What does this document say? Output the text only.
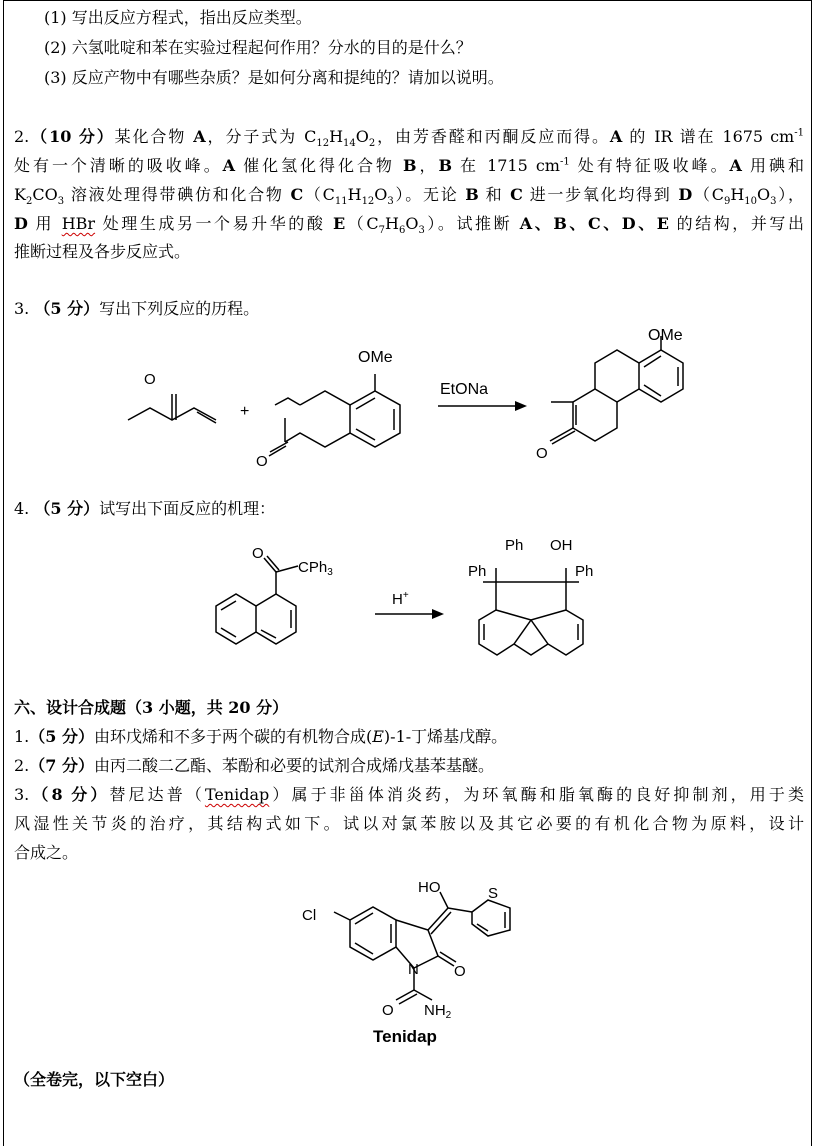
(1) 写出反应方程式，指出反应类型。
(2) 六氢吡啶和苯在实验过程起何作用？分水的目的是什么？
(3) 反应产物中有哪些杂质？是如何分离和提纯的？请加以说明。
2.（10 分）某化合物 A，分子式为 $C_{12}H_{14}O_2$，由芳香醛和丙酮反应而得。A 的 IR 谱在 1675 $cm^{-1}$
处有一个清晰的吸收峰。A 催化氢化得化合物 B，B 在 1715 $cm^{-1}$ 处有特征吸收峰。A 用碘和
$K_2CO_3$ 溶液处理得带碘仿和化合物 $C(C_{11}H_{12}O_3)$。无论 B 和 C 进一步氧化均得到 $D(C_9H_{10}O_3)$，
D 用 HBr 处理生成另一个易升华的酸 $E(C_7H_6O_3)$。试推断 A、B、C、D、E 的结构，并写出
推断过程及各步反应式。
3. （5 分）写出下列反应的历程。
O
+
OMe
O
EtONa
OMe
O
4. （5 分）试写出下面反应的机理：
O
CPh$_3$
H+
Ph OH
Ph	Ph
六、设计合成题（3 小题，共 20 分）
1.（5 分）由环戊烯和不多于两个碳的有机物合成(E)-1-丁烯基戊醇。
2.（7 分）由丙二酸二乙酯、苯酚和必要的试剂合成烯戊基苯基醚。
3.（8 分）替尼达普（Tenidap）属于非甾体消炎药，为环氧酶和脂氧酶的良好抑制剂，用于类
风湿性关节炎的治疗，其结构式如下。试以对氯苯胺以及其它必要的有机化合物为原料，设计
合成之。
HO	S
Cl
N O
O $NH_2$
Tenidap
（全卷完，以下空白）
